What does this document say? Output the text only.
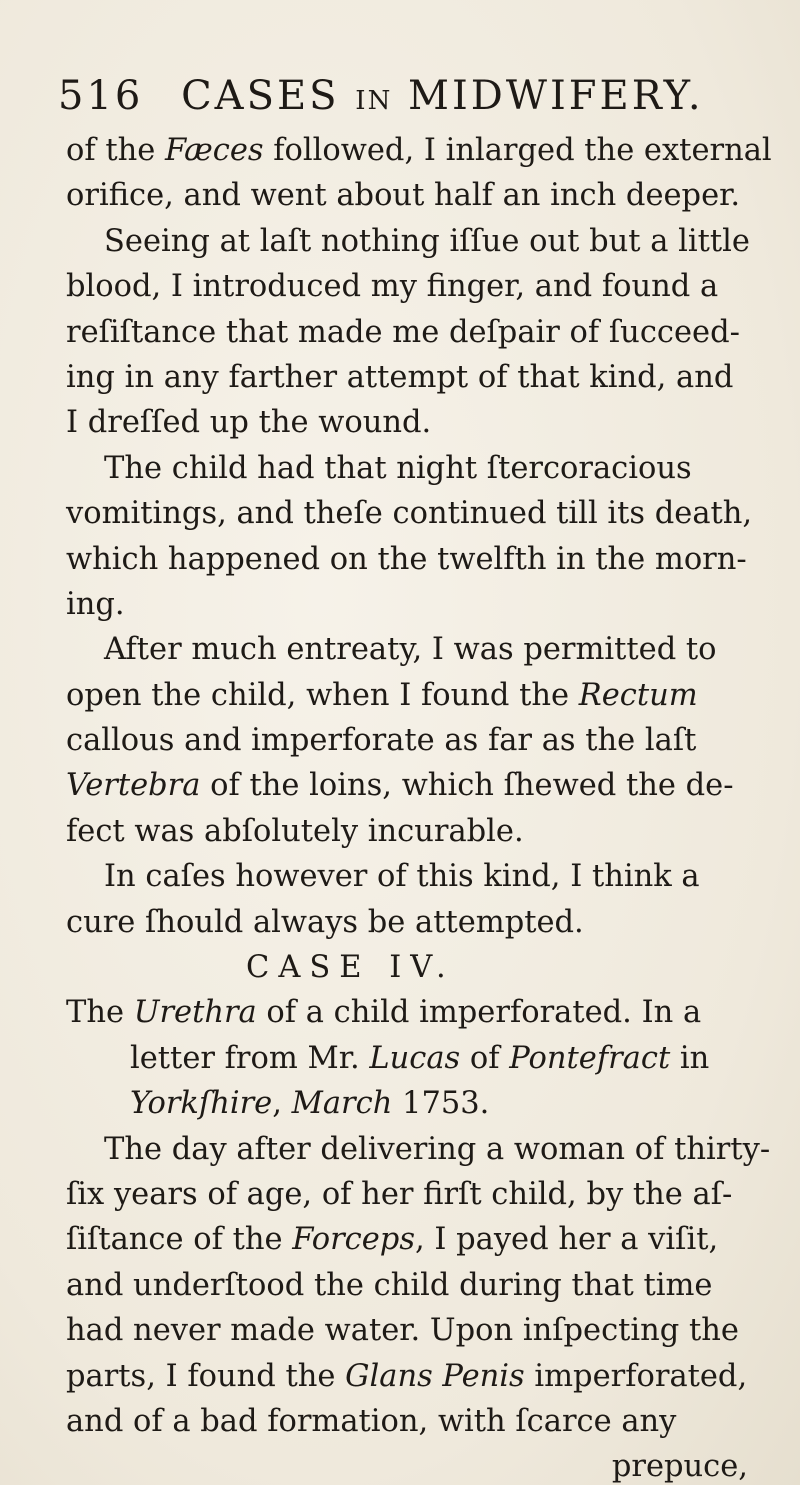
516 CASES IN MIDWIFERY.
of the Fæces followed, I inlarged the external
orifice, and went about half an inch deeper.
Seeing at laſt nothing iſſue out but a little
blood, I introduced my finger, and found a
reſiſtance that made me deſpair of ſucceed-
ing in any farther attempt of that kind, and
I dreſſed up the wound.
The child had that night ſtercoracious
vomitings, and theſe continued till its death,
which happened on the twelfth in the morn-
ing.
After much entreaty, I was permitted to
open the child, when I found the Rectum
callous and imperforate as far as the laſt
Vertebra of the loins, which ſhewed the de-
fect was abſolutely incurable.
In caſes however of this kind, I think a
cure ſhould always be attempted.
CASE IV.
The Urethra of a child imperforated. In a
letter from Mr. Lucas of Pontefract in
Yorkſhire, March 1753.
The day after delivering a woman of thirty-
ſix years of age, of her firſt child, by the aſ-
ſiſtance of the Forceps, I payed her a viſit,
and underſtood the child during that time
had never made water. Upon inſpecting the
parts, I found the Glans Penis imperforated,
and of a bad formation, with ſcarce any
prepuce,
